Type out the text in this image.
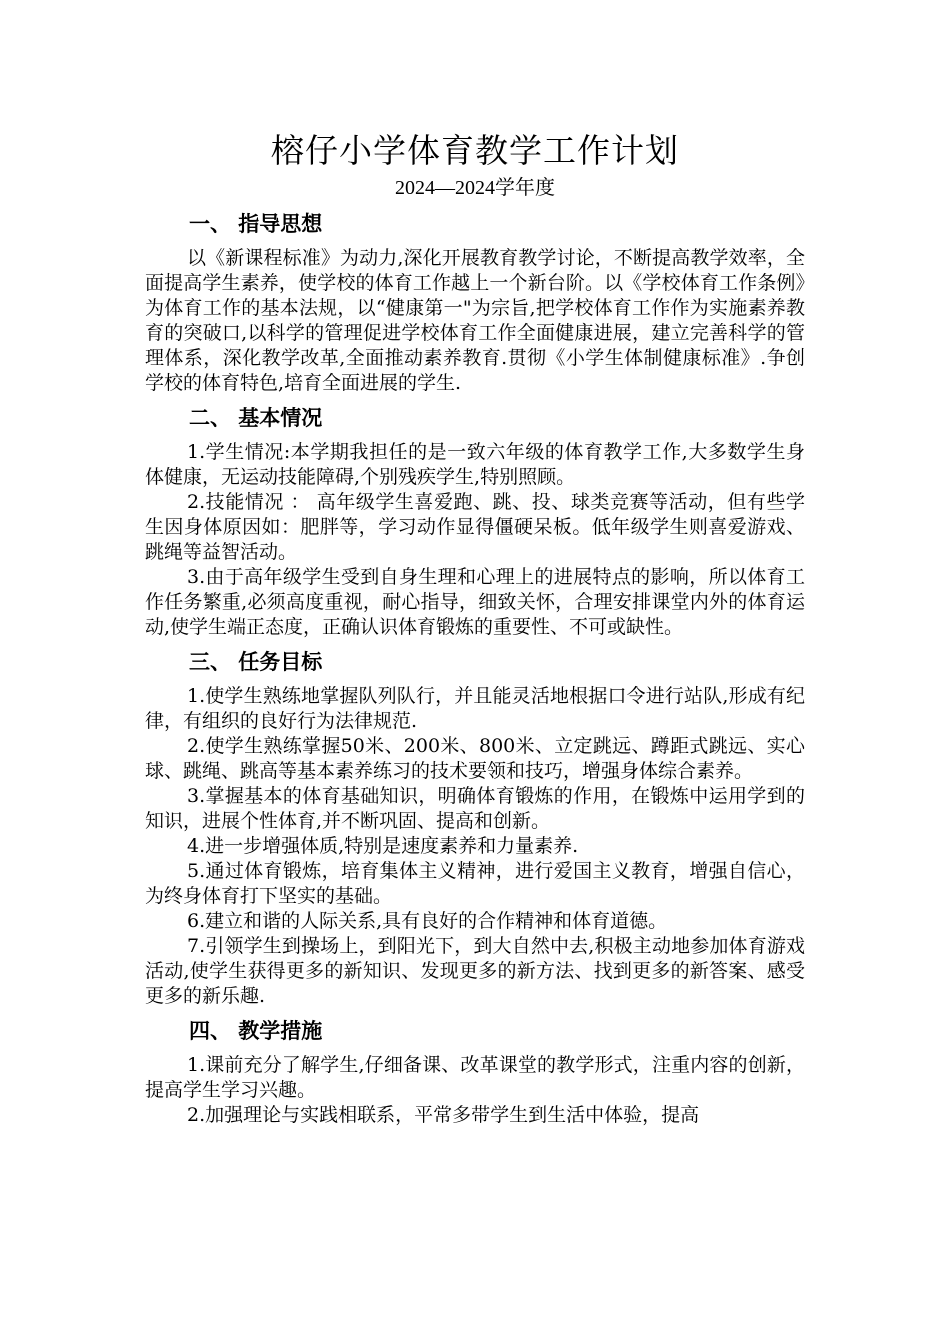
榕仔小学体育教学工作计划
2024—2024学年度
一、 指导思想

以《新课程标准》为动力,深化开展教育教学讨论，不断提高教学效率，全面提高学生素养，使学校的体育工作越上一个新台阶。以《学校体育工作条例》为体育工作的基本法规，以“健康第一"为宗旨,把学校体育工作作为实施素养教育的突破口,以科学的管理促进学校体育工作全面健康进展，建立完善科学的管理体系，深化教学改革,全面推动素养教育.贯彻《小学生体制健康标准》.争创学校的体育特色,培育全面进展的学生.

二、 基本情况

1.学生情况:本学期我担任的是一致六年级的体育教学工作,大多数学生身体健康，无运动技能障碍,个别残疾学生,特别照顾。

2.技能情况 ： 高年级学生喜爱跑、跳、投、球类竞赛等活动，但有些学生因身体原因如：肥胖等，学习动作显得僵硬呆板。低年级学生则喜爱游戏、跳绳等益智活动。

3.由于高年级学生受到自身生理和心理上的进展特点的影响，所以体育工作任务繁重,必须高度重视，耐心指导，细致关怀，合理安排课堂内外的体育运动,使学生端正态度，正确认识体育锻炼的重要性、不可或缺性。

三、 任务目标

1.使学生熟练地掌握队列队行，并且能灵活地根据口令进行站队,形成有纪律，有组织的良好行为法律规范.

2.使学生熟练掌握50米、200米、800米、立定跳远、蹲距式跳远、实心球、跳绳、跳高等基本素养练习的技术要领和技巧，增强身体综合素养。

3.掌握基本的体育基础知识，明确体育锻炼的作用，在锻炼中运用学到的知识，进展个性体育,并不断巩固、提高和创新。

4.进一步增强体质,特别是速度素养和力量素养.

5.通过体育锻炼，培育集体主义精神，进行爱国主义教育，增强自信心，为终身体育打下坚实的基础。

6.建立和谐的人际关系,具有良好的合作精神和体育道德。

7.引领学生到操场上，到阳光下，到大自然中去,积极主动地参加体育游戏活动,使学生获得更多的新知识、发现更多的新方法、找到更多的新答案、感受更多的新乐趣.

四、 教学措施

1.课前充分了解学生,仔细备课、改革课堂的教学形式，注重内容的创新，提高学生学习兴趣。

2.加强理论与实践相联系，平常多带学生到生活中体验，提高
